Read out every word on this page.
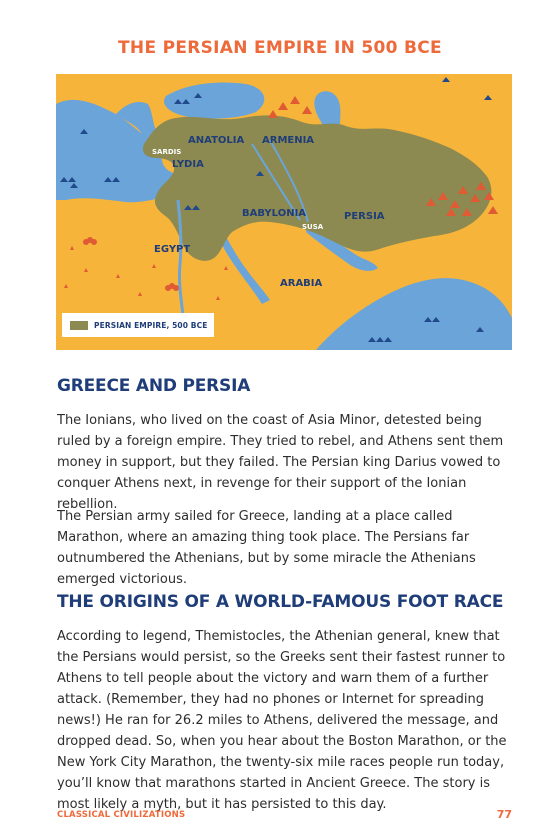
THE PERSIAN EMPIRE IN 500 BCE
ANATOLIA ARMENIA
SARDIS
LYDIA
BABYLONIA
SUSA
PERSIA
EGYPT
ARABIA
PERSIAN EMPIRE, 500 BCE
GREECE AND PERSIA

The Ionians, who lived on the coast of Asia Minor, detested being ruled by a foreign empire. They tried to rebel, and Athens sent them money in support, but they failed. The Persian king Darius vowed to conquer Athens next, in revenge for their support of the Ionian rebellion.

The Persian army sailed for Greece, landing at a place called Marathon, where an amazing thing took place. The Persians far outnumbered the Athenians, but by some miracle the Athenians emerged victorious.

THE ORIGINS OF A WORLD-FAMOUS FOOT RACE

According to legend, Themistocles, the Athenian general, knew that the Persians would persist, so the Greeks sent their fastest runner to Athens to tell people about the victory and warn them of a further attack. (Remember, they had no phones or Internet for spreading news!) He ran for 26.2 miles to Athens, delivered the message, and dropped dead. So, when you hear about the Boston Marathon, or the New York City Marathon, the twenty-six mile races people run today, you’ll know that marathons started in Ancient Greece. The story is most likely a myth, but it has persisted to this day.

CLASSICAL CIVILIZATIONS	77
